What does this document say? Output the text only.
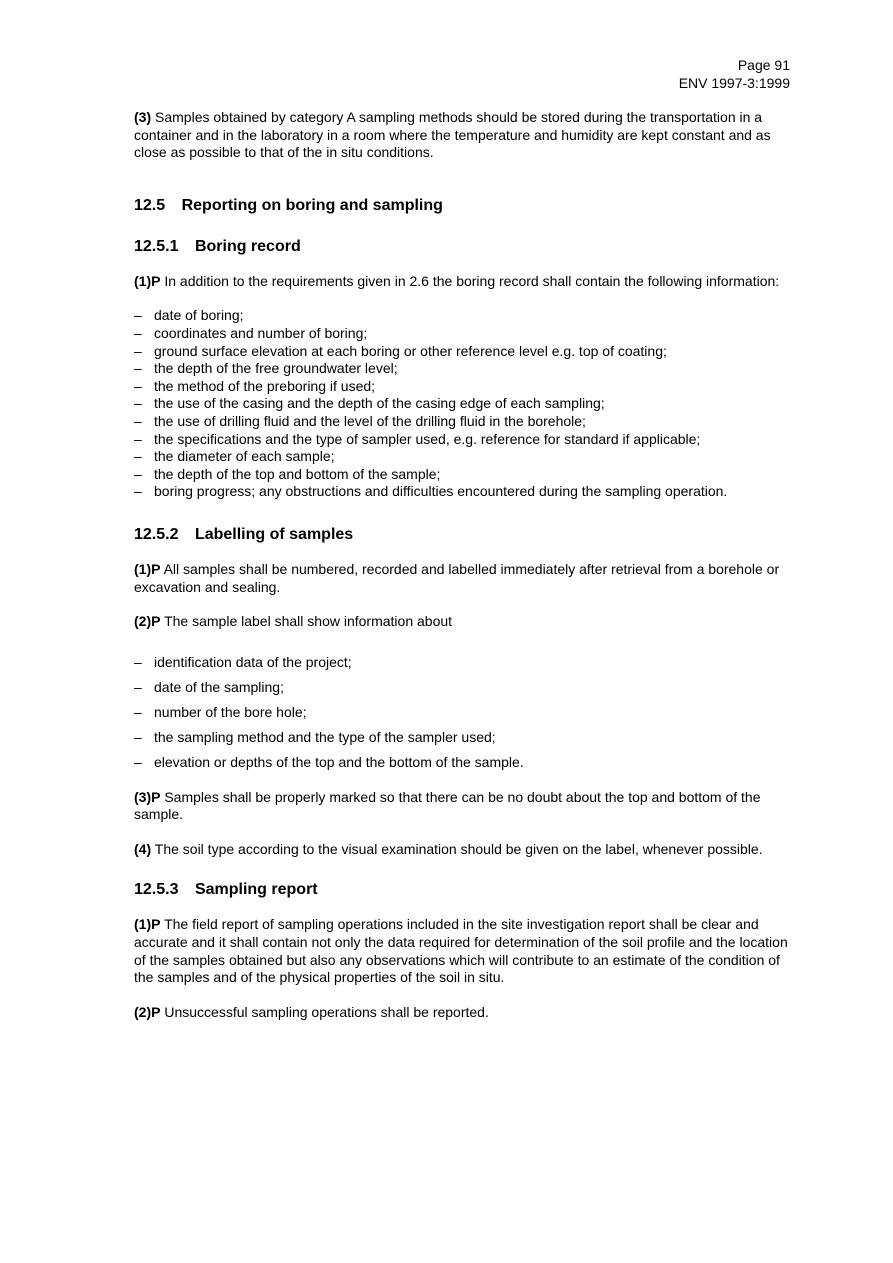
Page 91
ENV 1997-3:1999

(3) Samples obtained by category A sampling methods should be stored during the transportation in a container and in the laboratory in a room where the temperature and humidity are kept constant and as close as possible to that of the in situ conditions.

12.5 Reporting on boring and sampling
12.5.1 Boring record

(1)P In addition to the requirements given in 2.6 the boring record shall contain the following information:

– date of boring;
– coordinates and number of boring;
– ground surface elevation at each boring or other reference level e.g. top of coating;
– the depth of the free groundwater level;
– the method of the preboring if used;
– the use of the casing and the depth of the casing edge of each sampling;
– the use of drilling fluid and the level of the drilling fluid in the borehole;
– the specifications and the type of sampler used, e.g. reference for standard if applicable;
– the diameter of each sample;
– the depth of the top and bottom of the sample;
– boring progress; any obstructions and difficulties encountered during the sampling operation.
12.5.2 Labelling of samples

(1)P All samples shall be numbered, recorded and labelled immediately after retrieval from a borehole or excavation and sealing.

(2)P The sample label shall show information about

– identification data of the project;
– date of the sampling;
– number of the bore hole;
– the sampling method and the type of the sampler used;
– elevation or depths of the top and the bottom of the sample.

(3)P Samples shall be properly marked so that there can be no doubt about the top and bottom of the sample.

(4) The soil type according to the visual examination should be given on the label, whenever possible.

12.5.3 Sampling report

(1)P The field report of sampling operations included in the site investigation report shall be clear and accurate and it shall contain not only the data required for determination of the soil profile and the location of the samples obtained but also any observations which will contribute to an estimate of the condition of the samples and of the physical properties of the soil in situ.

(2)P Unsuccessful sampling operations shall be reported.
